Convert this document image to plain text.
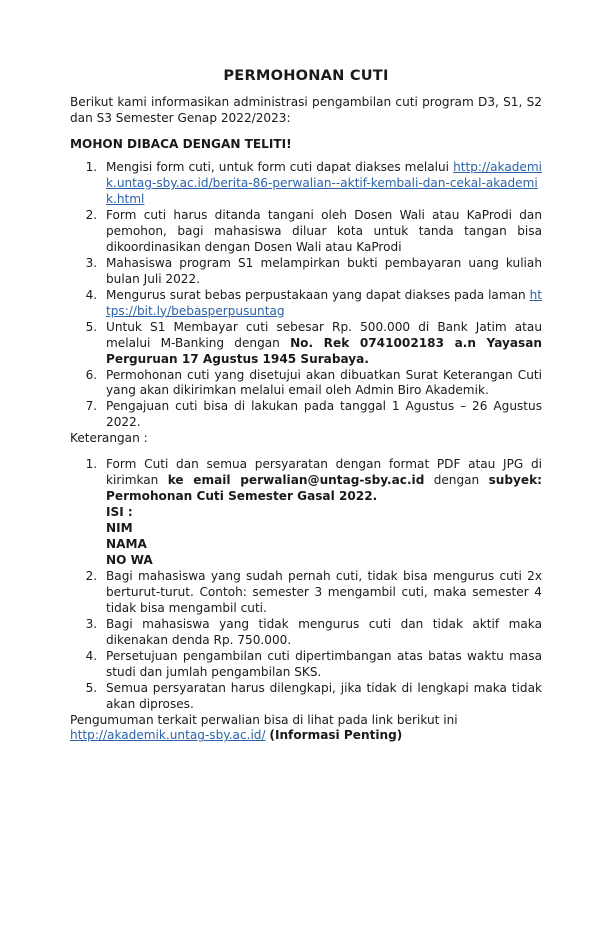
PERMOHONAN CUTI

Berikut kami informasikan administrasi pengambilan cuti program D3, S1, S2 dan S3 Semester Genap 2022/2023:

MOHON DIBACA DENGAN TELITI!

1. Mengisi form cuti, untuk form cuti dapat diakses melalui http://akademik.untag-sby.ac.id/berita-86-perwalian--aktif-kembali-dan-cekal-akademik.html
2. Form cuti harus ditanda tangani oleh Dosen Wali atau KaProdi dan pemohon, bagi mahasiswa diluar kota untuk tanda tangan bisa dikoordinasikan dengan Dosen Wali atau KaProdi
3. Mahasiswa program S1 melampirkan bukti pembayaran uang kuliah bulan Juli 2022.
4. Mengurus surat bebas perpustakaan yang dapat diakses pada laman https://bit.ly/bebasperpusuntag
5. Untuk S1 Membayar cuti sebesar Rp. 500.000 di Bank Jatim atau melalui M-Banking dengan No. Rek 0741002183 a.n Yayasan Perguruan 17 Agustus 1945 Surabaya.
6. Permohonan cuti yang disetujui akan dibuatkan Surat Keterangan Cuti yang akan dikirimkan melalui email oleh Admin Biro Akademik.
7. Pengajuan cuti bisa di lakukan pada tanggal 1 Agustus – 26 Agustus 2022.

Keterangan :

1. Form Cuti dan semua persyaratan dengan format PDF atau JPG di kirimkan ke email perwalian@untag-sby.ac.id dengan subyek: Permohonan Cuti Semester Gasal 2022.
ISI :
NIM
NAMA
NO WA
2. Bagi mahasiswa yang sudah pernah cuti, tidak bisa mengurus cuti 2x berturut-turut. Contoh: semester 3 mengambil cuti, maka semester 4 tidak bisa mengambil cuti.
3. Bagi mahasiswa yang tidak mengurus cuti dan tidak aktif maka dikenakan denda Rp. 750.000.
4. Persetujuan pengambilan cuti dipertimbangan atas batas waktu masa studi dan jumlah pengambilan SKS.
5. Semua persyaratan harus dilengkapi, jika tidak di lengkapi maka tidak akan diproses.

Pengumuman terkait perwalian bisa di lihat pada link berikut ini

http://akademik.untag-sby.ac.id/ (Informasi Penting)
